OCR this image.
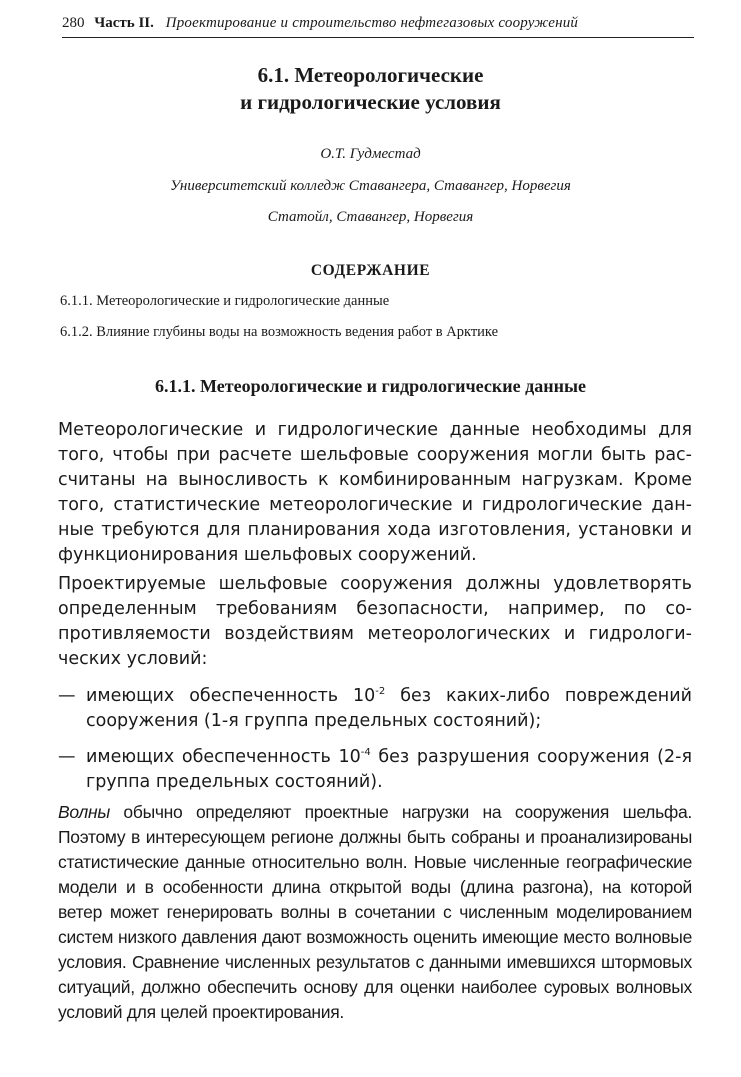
280 Часть II. Проектирование и строительство нефтегазовых сооружений
6.1. Метеорологические
и гидрологические условия
О.Т. Гудместад
Университетский колледж Ставангера, Ставангер, Норвегия
Статойл, Ставангер, Норвегия
СОДЕРЖАНИЕ
6.1.1. Метеорологические и гидрологические данные
6.1.2. Влияние глубины воды на возможность ведения работ в Арктике
6.1.1. Метеорологические и гидрологические данные

Метеорологические и гидрологические данные необходимы для того, чтобы при расчете шельфовые сооружения могли быть рассчитаны на выносливость к комбинированным нагрузкам. Кроме того, статистические метеорологические и гидрологические данные требуются для планирования хода изготовления, установки и функционирования шельфовых сооружений.

Проектируемые шельфовые сооружения должны удовлетворять определенным требованиям безопасности, например, по сопротивляемости воздействиям метеорологических и гидрологических условий:

— имеющих обеспеченность $10^{-2}$ без каких-либо повреждений сооружения (1-я группа предельных состояний);
— имеющих обеспеченность $10^{-4}$ без разрушения сооружения (2-я группа предельных состояний).

Волны обычно определяют проектные нагрузки на сооружения шельфа. Поэтому в интересующем регионе должны быть собраны и проанализированы статистические данные относительно волн. Новые численные географические модели и в особенности длина открытой воды (длина разгона), на которой ветер может генерировать волны в сочетании с численным моделированием систем низкого давления дают возможность оценить имеющие место волновые условия. Сравнение численных результатов с данными имевшихся штормовых ситуаций, должно обеспечить основу для оценки наиболее суровых волновых условий для целей проектирования.
